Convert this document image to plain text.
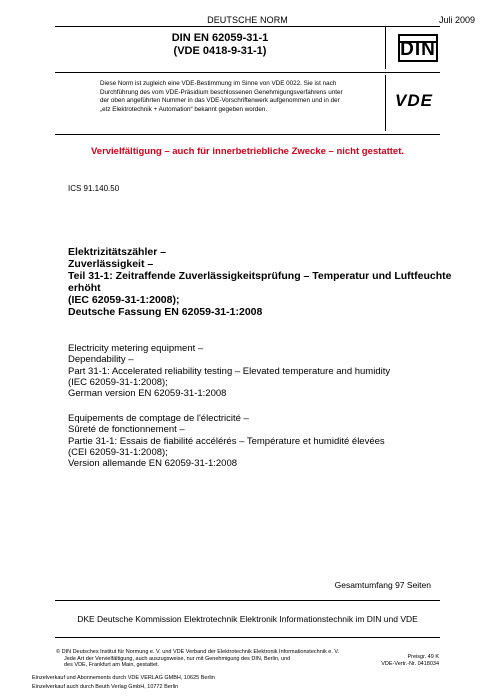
DEUTSCHE NORM	Juli 2009
DIN EN 62059-31-1
(VDE 0418-9-31-1)	DIN
Diese Norm ist zugleich eine VDE-Bestimmung im Sinne von VDE 0022. Sie ist nach
Durchführung des vom VDE-Präsidium beschlossenen Genehmigungsverfahrens unter
der oben angeführten Nummer in das VDE-Vorschriftenwerk aufgenommen und in der
„etz Elektrotechnik + Automation“ bekannt gegeben worden.	VDE
Vervielfältigung – auch für innerbetriebliche Zwecke – nicht gestattet.
ICS 91.140.50
Elektrizitätszähler –
Zuverlässigkeit –
Teil 31-1: Zeitraffende Zuverlässigkeitsprüfung – Temperatur und Luftfeuchte
erhöht
(IEC 62059-31-1:2008);
Deutsche Fassung EN 62059-31-1:2008
Electricity metering equipment –
Dependability –
Part 31-1: Accelerated reliability testing – Elevated temperature and humidity
(IEC 62059-31-1:2008);
German version EN 62059-31-1:2008
Equipements de comptage de l'électricité –
Sûreté de fonctionnement –
Partie 31-1: Essais de fiabilité accélérés – Température et humidité élevées
(CEI 62059-31-1:2008);
Version allemande EN 62059-31-1:2008
Gesamtumfang 97 Seiten
DKE Deutsche Kommission Elektrotechnik Elektronik Informationstechnik im DIN und VDE
© DIN Deutsches Institut für Normung e. V. und VDE Verband der Elektrotechnik Elektronik Informationstechnik e. V.
Jede Art der Vervielfältigung, auch auszugsweise, nur mit Genehmigung des DIN, Berlin, und
des VDE, Frankfurt am Main, gestattet.
Preisgr. 49 K
VDE-Vertr.-Nr. 0418034
Einzelverkauf und Abonnements durch VDE VERLAG GMBH, 10625 Berlin
Einzelverkauf auch durch Beuth Verlag GmbH, 10772 Berlin
